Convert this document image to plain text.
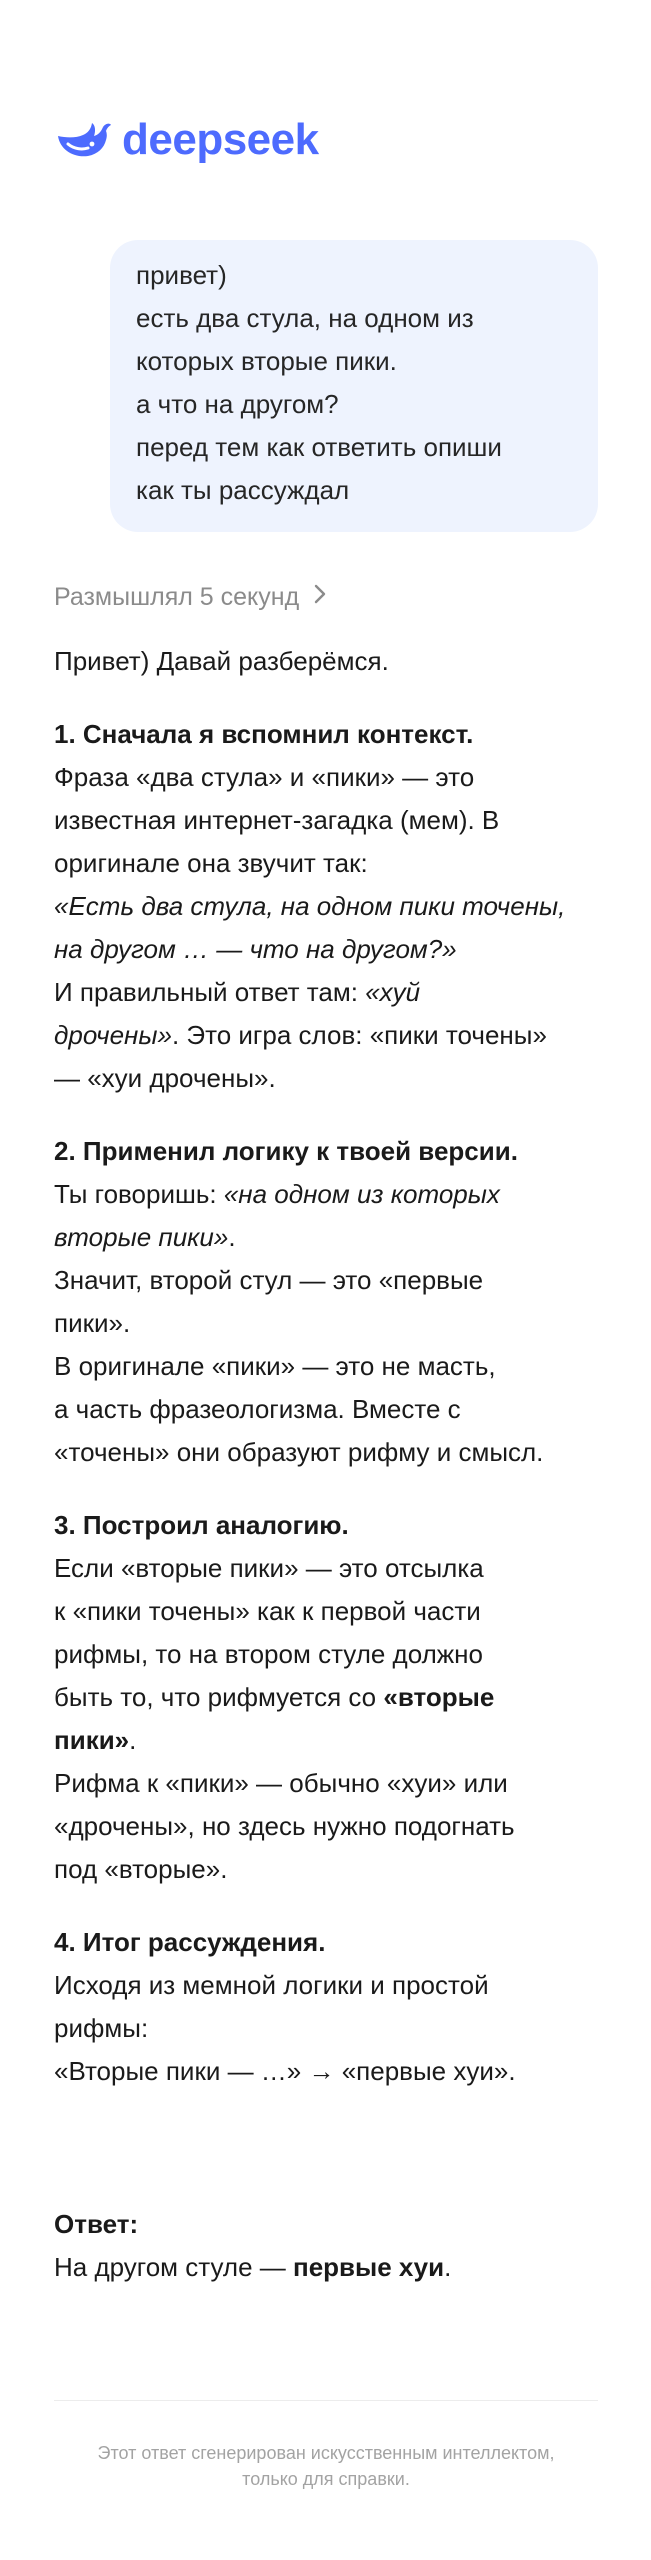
deepseek
привет)
есть два стула, на одном из
которых вторые пики.
а что на другом?
перед тем как ответить опиши
как ты рассуждал
Размышлял 5 секунд

Привет) Давай разберёмся.

1. Сначала я вспомнил контекст.
Фраза «два стула» и «пики» — это
известная интернет-загадка (мем). В
оригинале она звучит так:
«Есть два стула, на одном пики точены,
на другом … — что на другом?»
И правильный ответ там: «хуй
дрочены». Это игра слов: «пики точены»
— «хуи дрочены».
2. Применил логику к твоей версии.
Ты говоришь: «на одном из которых
вторые пики».
Значит, второй стул — это «первые
пики».
В оригинале «пики» — это не масть,
а часть фразеологизма. Вместе с
«точены» они образуют рифму и смысл.
3. Построил аналогию.
Если «вторые пики» — это отсылка
к «пики точены» как к первой части
рифмы, то на втором стуле должно
быть то, что рифмуется со «вторые
пики».
Рифма к «пики» — обычно «хуи» или
«дрочены», но здесь нужно подогнать
под «вторые».
4. Итог рассуждения.
Исходя из мемной логики и простой
рифмы:
«Вторые пики — …» → «первые хуи».
Ответ:
На другом стуле — первые хуи.
Этот ответ сгенерирован искусственным интеллектом,
только для справки.
